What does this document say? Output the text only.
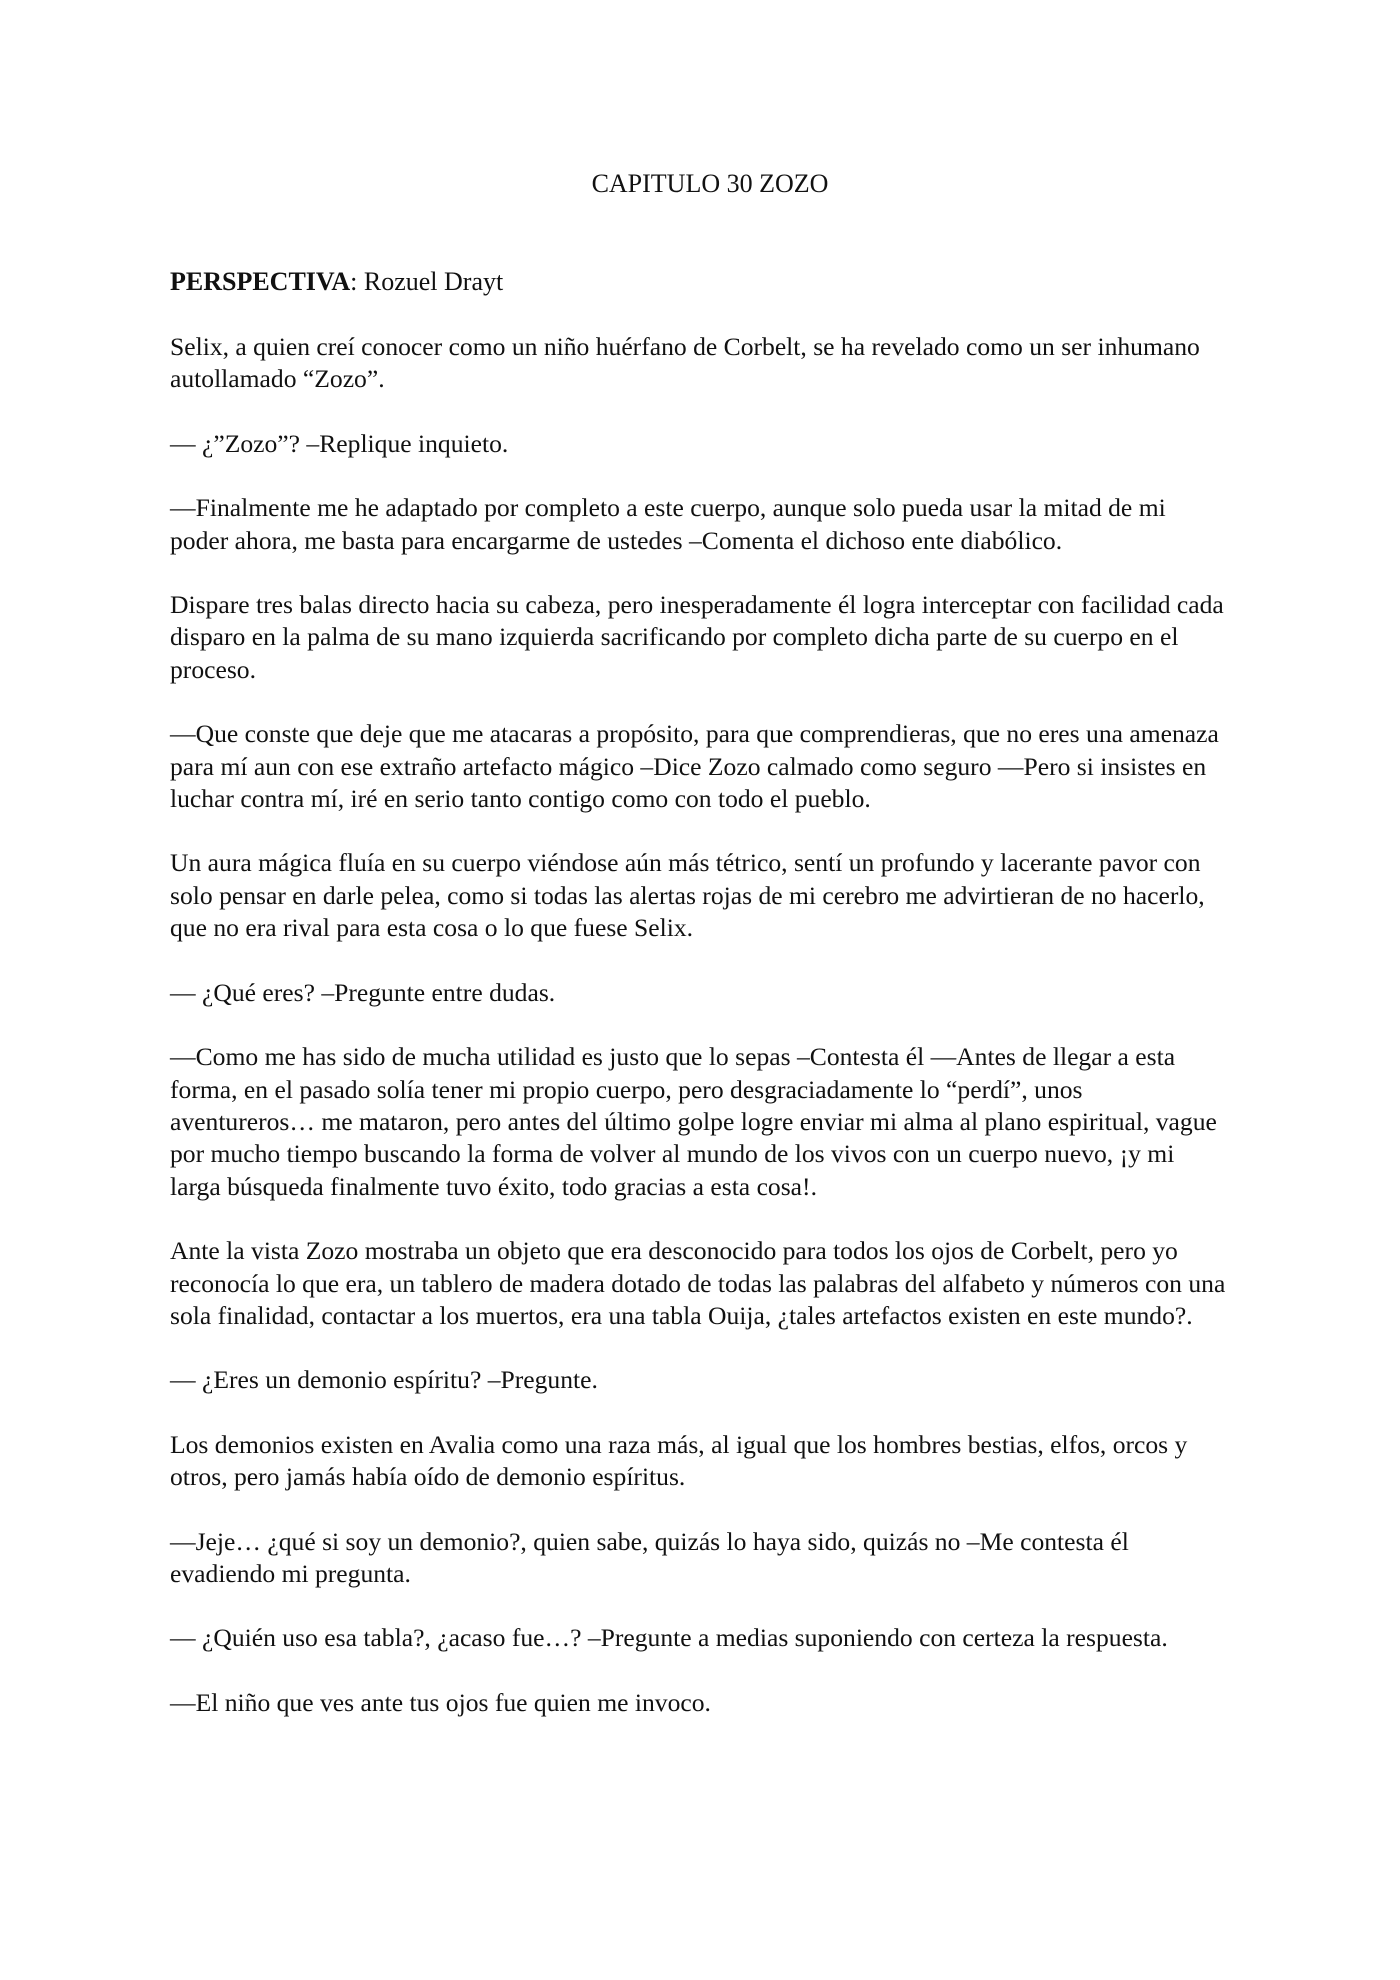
CAPITULO 30 ZOZO
PERSPECTIVA: Rozuel Drayt

Selix, a quien creí conocer como un niño huérfano de Corbelt, se ha revelado como un ser inhumano autollamado “Zozo”.

— ¿”Zozo”? –Replique inquieto.

—Finalmente me he adaptado por completo a este cuerpo, aunque solo pueda usar la mitad de mi poder ahora, me basta para encargarme de ustedes –Comenta el dichoso ente diabólico.

Dispare tres balas directo hacia su cabeza, pero inesperadamente él logra interceptar con facilidad cada disparo en la palma de su mano izquierda sacrificando por completo dicha parte de su cuerpo en el proceso.

—Que conste que deje que me atacaras a propósito, para que comprendieras, que no eres una amenaza para mí aun con ese extraño artefacto mágico –Dice Zozo calmado como seguro —Pero si insistes en luchar contra mí, iré en serio tanto contigo como con todo el pueblo.

Un aura mágica fluía en su cuerpo viéndose aún más tétrico, sentí un profundo y lacerante pavor con solo pensar en darle pelea, como si todas las alertas rojas de mi cerebro me advirtieran de no hacerlo, que no era rival para esta cosa o lo que fuese Selix.

— ¿Qué eres? –Pregunte entre dudas.

—Como me has sido de mucha utilidad es justo que lo sepas –Contesta él —Antes de llegar a esta forma, en el pasado solía tener mi propio cuerpo, pero desgraciadamente lo “perdí”, unos aventureros… me mataron, pero antes del último golpe logre enviar mi alma al plano espiritual, vague por mucho tiempo buscando la forma de volver al mundo de los vivos con un cuerpo nuevo, ¡y mi larga búsqueda finalmente tuvo éxito, todo gracias a esta cosa!.

Ante la vista Zozo mostraba un objeto que era desconocido para todos los ojos de Corbelt, pero yo reconocía lo que era, un tablero de madera dotado de todas las palabras del alfabeto y números con una sola finalidad, contactar a los muertos, era una tabla Ouija, ¿tales artefactos existen en este mundo?.

— ¿Eres un demonio espíritu? –Pregunte.

Los demonios existen en Avalia como una raza más, al igual que los hombres bestias, elfos, orcos y otros, pero jamás había oído de demonio espíritus.

—Jeje… ¿qué si soy un demonio?, quien sabe, quizás lo haya sido, quizás no –Me contesta él evadiendo mi pregunta.

— ¿Quién uso esa tabla?, ¿acaso fue…? –Pregunte a medias suponiendo con certeza la respuesta.

—El niño que ves ante tus ojos fue quien me invoco.
